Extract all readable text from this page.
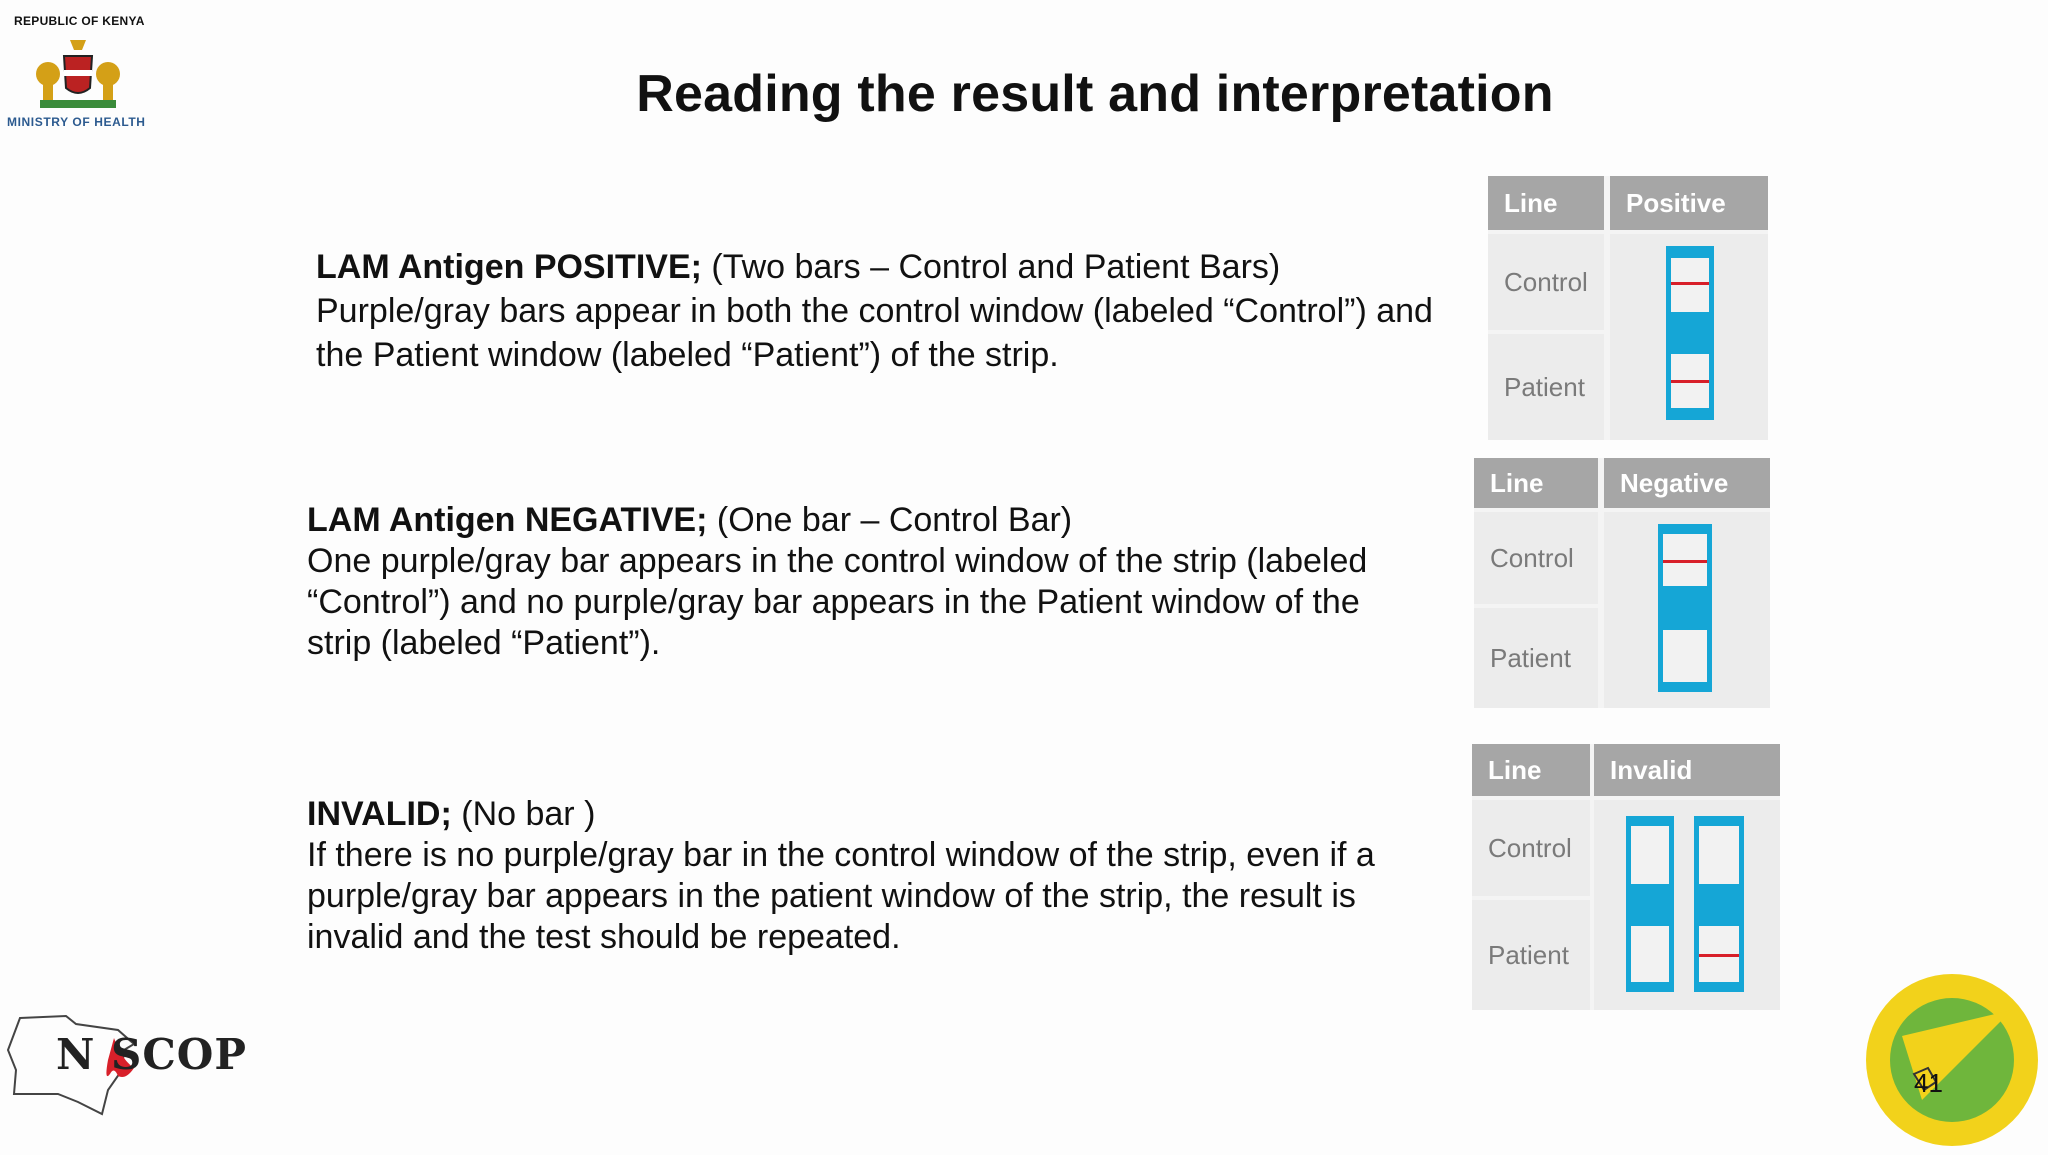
REPUBLIC OF KENYA
MINISTRY OF HEALTH	Reading the result and interpretation
LAM Antigen POSITIVE; (Two bars – Control and Patient Bars)
Purple/gray bars appear in both the control window (labeled “Control”) and
the Patient window (labeled “Patient”) of the strip.
LAM Antigen NEGATIVE; (One bar – Control Bar)
One purple/gray bar appears in the control window of the strip (labeled
“Control”) and no purple/gray bar appears in the Patient window of the
strip (labeled “Patient”).
INVALID; (No bar )
If there is no purple/gray bar in the control window of the strip, even if a
purple/gray bar appears in the patient window of the strip, the result is
invalid and the test should be repeated.
Line	Positive
Control
Patient
Line	Negative
Control
Patient
Line	Invalid
Control
Patient
N SCOP
41
